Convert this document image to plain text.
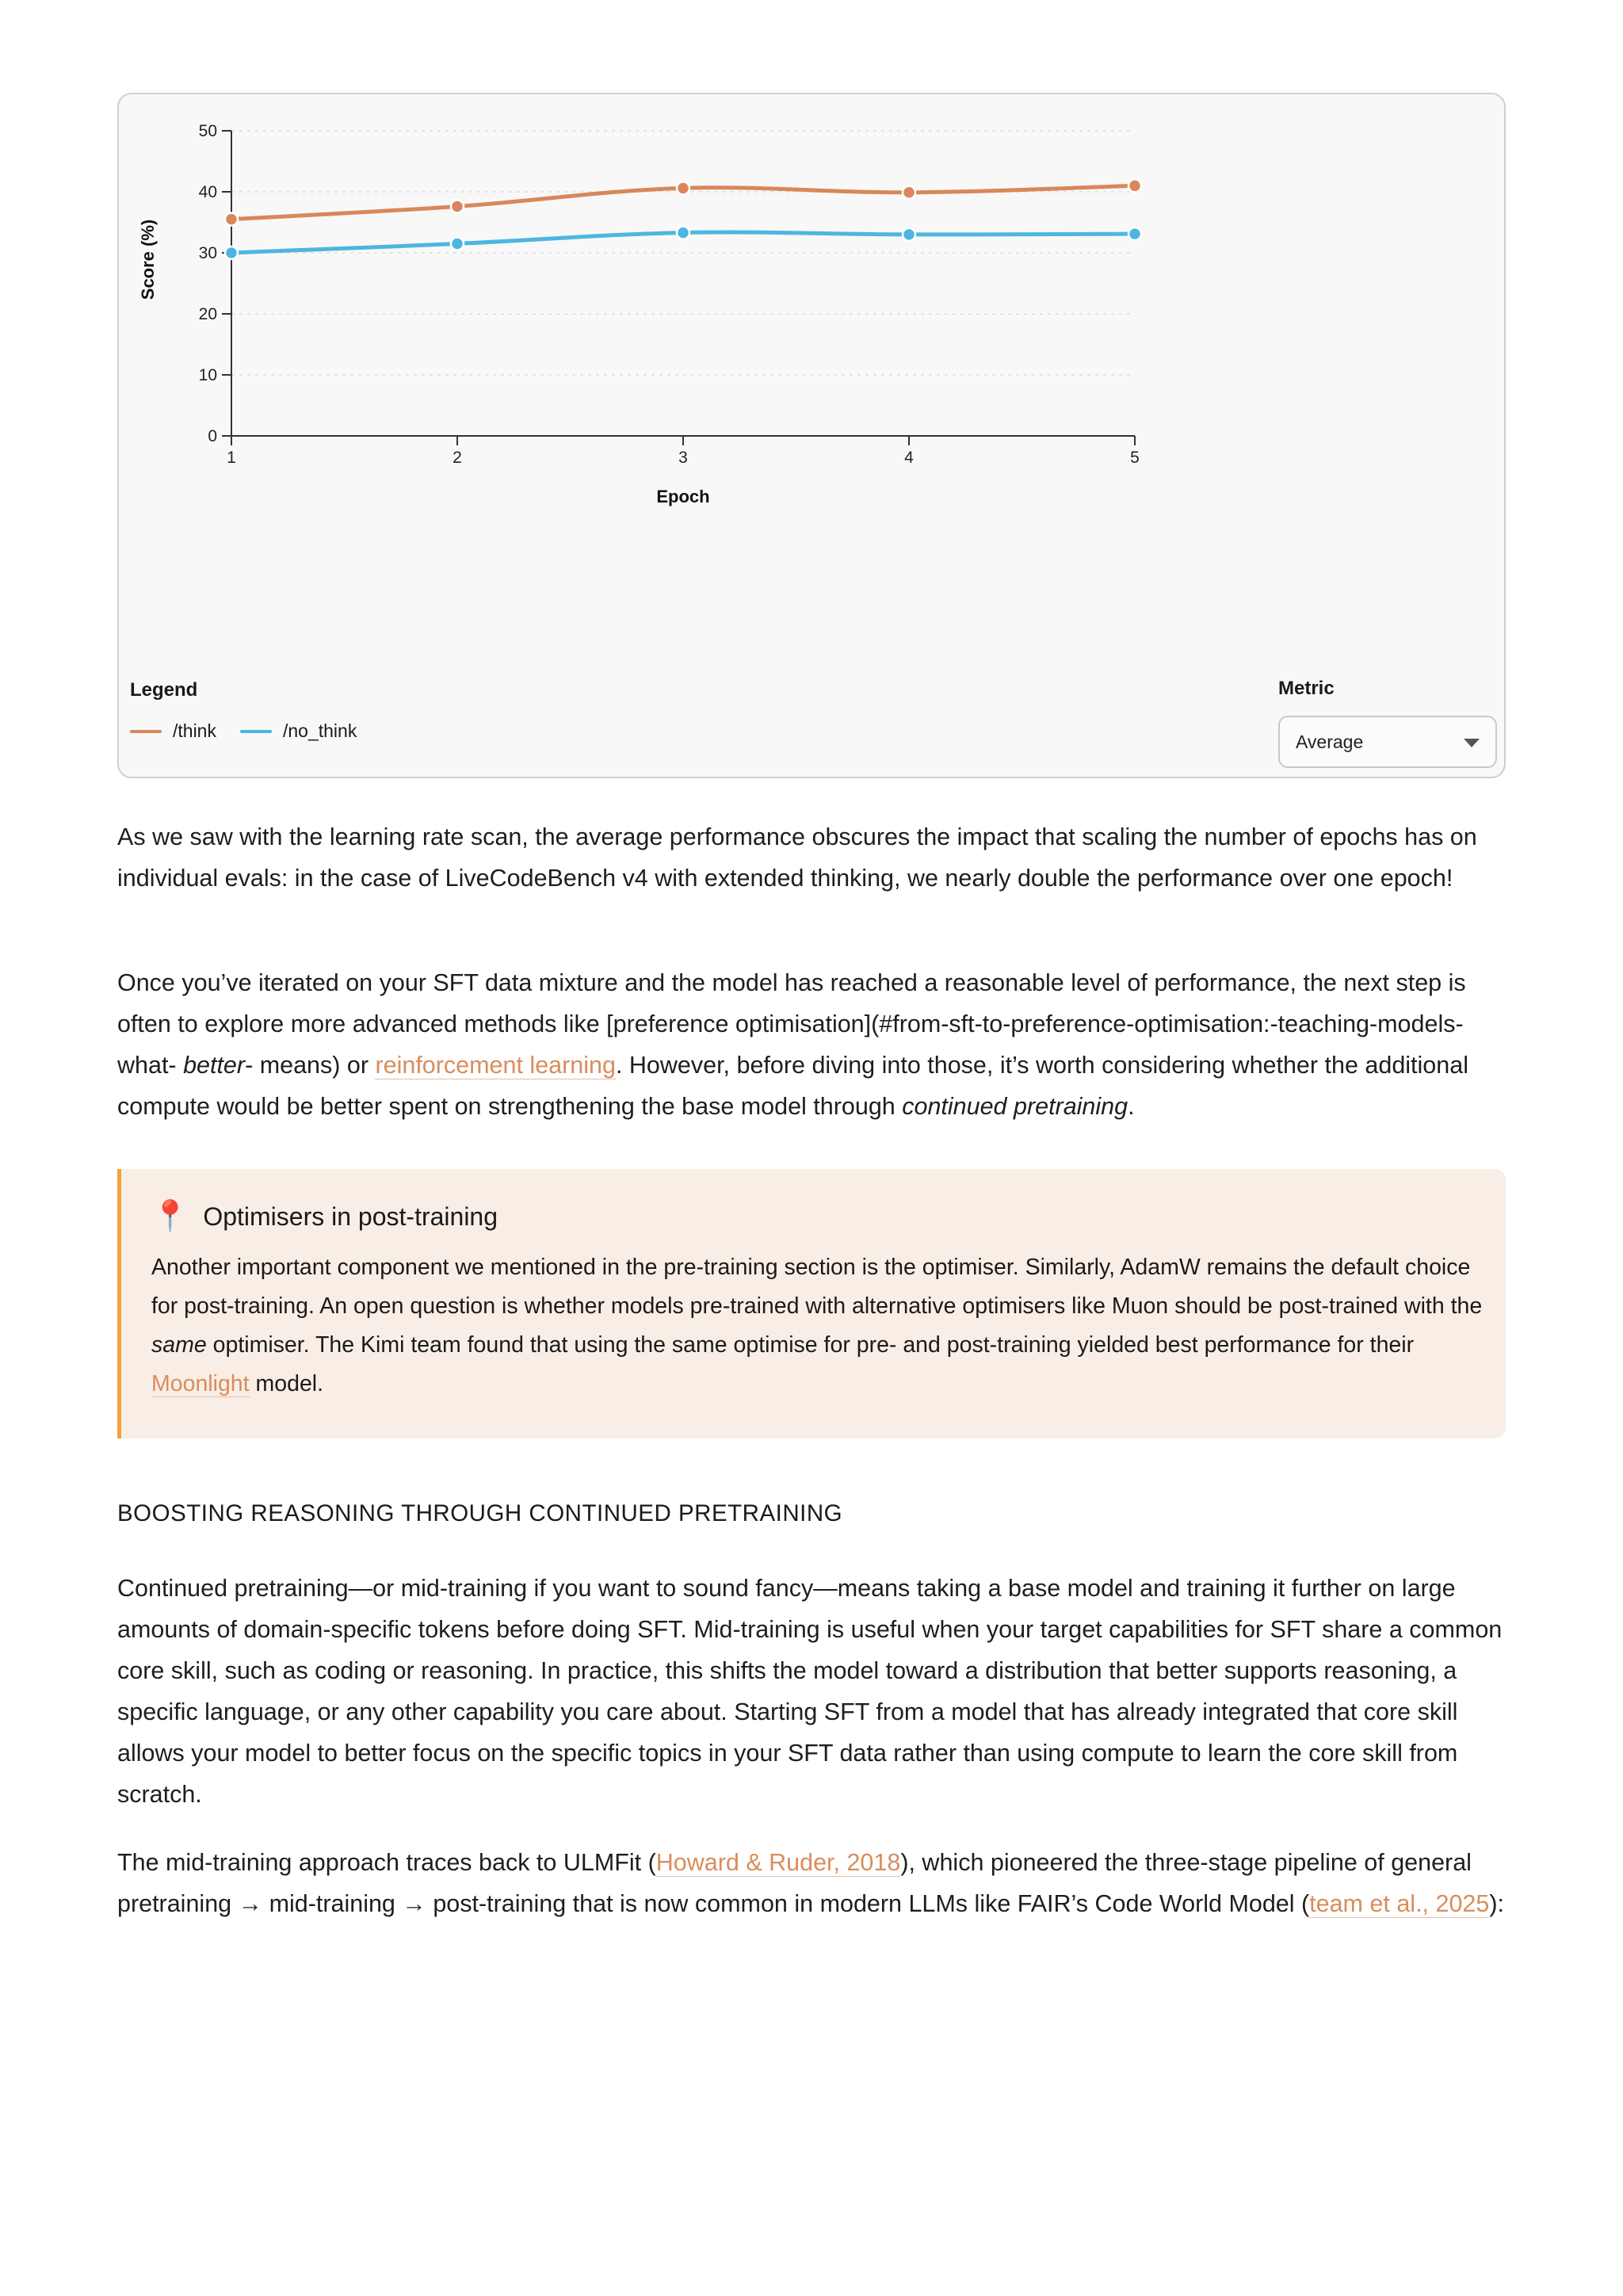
0
10
20
30
40
50
1	2	3	4	5
Epoch
Score (%)
Legend
/think	/no_think
Metric
Average

As we saw with the learning rate scan, the average performance obscures the impact that scaling the number of epochs has on individual evals: in the case of LiveCodeBench v4 with extended thinking, we nearly double the performance over one epoch!

Once you’ve iterated on your SFT data mixture and the model has reached a reasonable level of performance, the next step is often to explore more advanced methods like [preference optimisation](#from-sft-to-preference-optimisation:-teaching-models-what- better- means) or reinforcement learning. However, before diving into those, it’s worth considering whether the additional compute would be better spent on strengthening the base model through continued pretraining.

📍 Optimisers in post-training

Another important component we mentioned in the pre-training section is the optimiser. Similarly, AdamW remains the default choice for post-training. An open question is whether models pre-trained with alternative optimisers like Muon should be post-trained with the same optimiser. The Kimi team found that using the same optimise for pre- and post-training yielded best performance for their Moonlight model.

BOOSTING REASONING THROUGH CONTINUED PRETRAINING

Continued pretraining—or mid-training if you want to sound fancy—means taking a base model and training it further on large amounts of domain-specific tokens before doing SFT. Mid-training is useful when your target capabilities for SFT share a common core skill, such as coding or reasoning. In practice, this shifts the model toward a distribution that better supports reasoning, a specific language, or any other capability you care about. Starting SFT from a model that has already integrated that core skill allows your model to better focus on the specific topics in your SFT data rather than using compute to learn the core skill from scratch.

The mid-training approach traces back to ULMFit (Howard & Ruder, 2018), which pioneered the three-stage pipeline of general pretraining → mid-training → post-training that is now common in modern LLMs like FAIR’s Code World Model (team et al., 2025):
